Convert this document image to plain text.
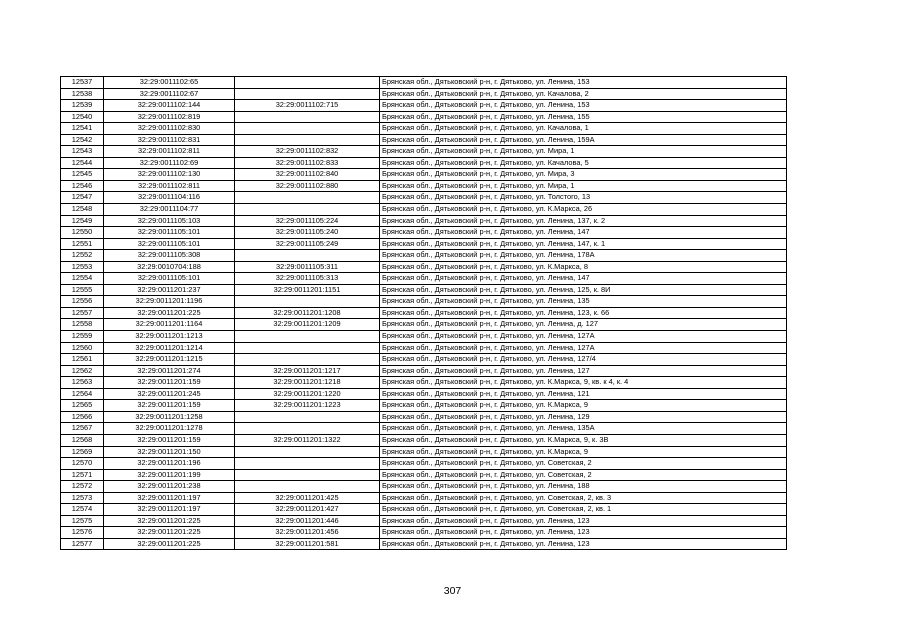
12537	32:29:0011102:65		Брянская обл., Дятьковский р-н, г. Дятьково, ул. Ленина, 153
12538	32:29:0011102:67		Брянская обл., Дятьковский р-н, г. Дятьково, ул. Качалова, 2
12539	32:29:0011102:144	32:29:0011102:715	Брянская обл., Дятьковский р-н, г. Дятьково, ул. Ленина, 153
12540	32:29:0011102:819		Брянская обл., Дятьковский р-н, г. Дятьково, ул. Ленина, 155
12541	32:29:0011102:830		Брянская обл., Дятьковский р-н, г. Дятьково, ул. Качалова, 1
12542	32:29:0011102:831		Брянская обл., Дятьковский р-н, г. Дятьково, ул. Ленина, 159А
12543	32:29:0011102:811	32:29:0011102:832	Брянская обл., Дятьковский р-н, г. Дятьково, ул. Мира, 1
12544	32:29:0011102:69	32:29:0011102:833	Брянская обл., Дятьковский р-н, г. Дятьково, ул. Качалова, 5
12545	32:29:0011102:130	32:29:0011102:840	Брянская обл., Дятьковский р-н, г. Дятьково, ул. Мира, 3
12546	32:29:0011102:811	32:29:0011102:880	Брянская обл., Дятьковский р-н, г. Дятьково, ул. Мира, 1
12547	32:29:0011104:116		Брянская обл., Дятьковский р-н, г. Дятьково, ул. Толстого, 13
12548	32:29:0011104:77		Брянская обл., Дятьковский р-н, г. Дятьково, ул. К.Маркса, 26
12549	32:29:0011105:103	32:29:0011105:224	Брянская обл., Дятьковский р-н, г. Дятьково, ул. Ленина, 137, к. 2
12550	32:29:0011105:101	32:29:0011105:240	Брянская обл., Дятьковский р-н, г. Дятьково, ул. Ленина, 147
12551	32:29:0011105:101	32:29:0011105:249	Брянская обл., Дятьковский р-н, г. Дятьково, ул. Ленина, 147, к. 1
12552	32:29:0011105:308		Брянская обл., Дятьковский р-н, г. Дятьково, ул. Ленина, 178А
12553	32:29:0010704:188	32:29:0011105:311	Брянская обл., Дятьковский р-н, г. Дятьково, ул. К.Маркса, 8
12554	32:29:0011105:101	32:29:0011105:313	Брянская обл., Дятьковский р-н, г. Дятьково, ул. Ленина, 147
12555	32:29:0011201:237	32:29:0011201:1151	Брянская обл., Дятьковский р-н, г. Дятьково, ул. Ленина, 125, к. 8И
12556	32:29:0011201:1196		Брянская обл., Дятьковский р-н, г. Дятьково, ул. Ленина, 135
12557	32:29:0011201:225	32:29:0011201:1208	Брянская обл., Дятьковский р-н, г. Дятьково, ул. Ленина, 123, к. 66
12558	32:29:0011201:1164	32:29:0011201:1209	Брянская обл., Дятьковский р-н, г. Дятьково, ул. Ленина, д. 127
12559	32:29:0011201:1213		Брянская обл., Дятьковский р-н, г. Дятьково, ул. Ленина, 127А
12560	32:29:0011201:1214		Брянская обл., Дятьковский р-н, г. Дятьково, ул. Ленина, 127А
12561	32:29:0011201:1215		Брянская обл., Дятьковский р-н, г. Дятьково, ул. Ленина, 127/4
12562	32:29:0011201:274	32:29:0011201:1217	Брянская обл., Дятьковский р-н, г. Дятьково, ул. Ленина, 127
12563	32:29:0011201:159	32:29:0011201:1218	Брянская обл., Дятьковский р-н, г. Дятьково, ул. К.Маркса, 9, кв. к 4, к. 4
12564	32:29:0011201:245	32:29:0011201:1220	Брянская обл., Дятьковский р-н, г. Дятьково, ул. Ленина, 121
12565	32:29:0011201:159	32:29:0011201:1223	Брянская обл., Дятьковский р-н, г. Дятьково, ул. К.Маркса, 9
12566	32:29:0011201:1258		Брянская обл., Дятьковский р-н, г. Дятьково, ул. Ленина, 129
12567	32:29:0011201:1278		Брянская обл., Дятьковский р-н, г. Дятьково, ул. Ленина, 135А
12568	32:29:0011201:159	32:29:0011201:1322	Брянская обл., Дятьковский р-н, г. Дятьково, ул. К.Маркса, 9, к. 3В
12569	32:29:0011201:150		Брянская обл., Дятьковский р-н, г. Дятьково, ул. К.Маркса, 9
12570	32:29:0011201:196		Брянская обл., Дятьковский р-н, г. Дятьково, ул. Советская, 2
12571	32:29:0011201:199		Брянская обл., Дятьковский р-н, г. Дятьково, ул. Советская, 2
12572	32:29:0011201:238		Брянская обл., Дятьковский р-н, г. Дятьково, ул. Ленина, 188
12573	32:29:0011201:197	32:29:0011201:425	Брянская обл., Дятьковский р-н, г. Дятьково, ул. Советская, 2, кв. 3
12574	32:29:0011201:197	32:29:0011201:427	Брянская обл., Дятьковский р-н, г. Дятьково, ул. Советская, 2, кв. 1
12575	32:29:0011201:225	32:29:0011201:446	Брянская обл., Дятьковский р-н, г. Дятьково, ул. Ленина, 123
12576	32:29:0011201:225	32:29:0011201:456	Брянская обл., Дятьковский р-н, г. Дятьково, ул. Ленина, 123
12577	32:29:0011201:225	32:29:0011201:581	Брянская обл., Дятьковский р-н, г. Дятьково, ул. Ленина, 123
307
